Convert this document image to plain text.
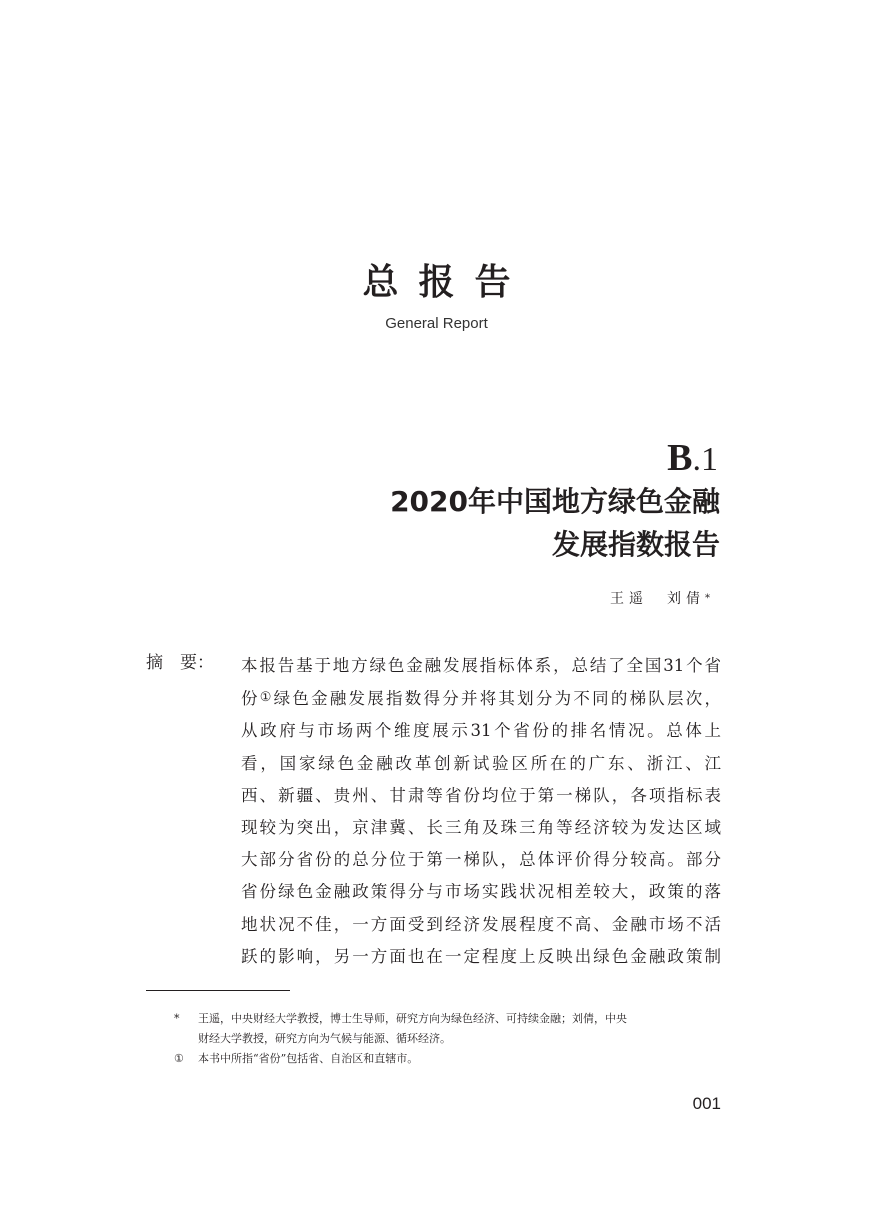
总报告
General Report
B.1
2020年中国地方绿色金融
发展指数报告
王遥　刘倩*
摘　要： 本报告基于地方绿色金融发展指标体系，总结了全国31个省
份①绿色金融发展指数得分并将其划分为不同的梯队层次，
从政府与市场两个维度展示31个省份的排名情况。总体上
看，国家绿色金融改革创新试验区所在的广东、浙江、江
西、新疆、贵州、甘肃等省份均位于第一梯队，各项指标表
现较为突出，京津冀、长三角及珠三角等经济较为发达区域
大部分省份的总分位于第一梯队，总体评价得分较高。部分
省份绿色金融政策得分与市场实践状况相差较大，政策的落
地状况不佳，一方面受到经济发展程度不高、金融市场不活
跃的影响，另一方面也在一定程度上反映出绿色金融政策制
* 王遥，中央财经大学教授，博士生导师，研究方向为绿色经济、可持续金融；刘倩，中央
财经大学教授，研究方向为气候与能源、循环经济。
① 本书中所指“省份”包括省、自治区和直辖市。
001
